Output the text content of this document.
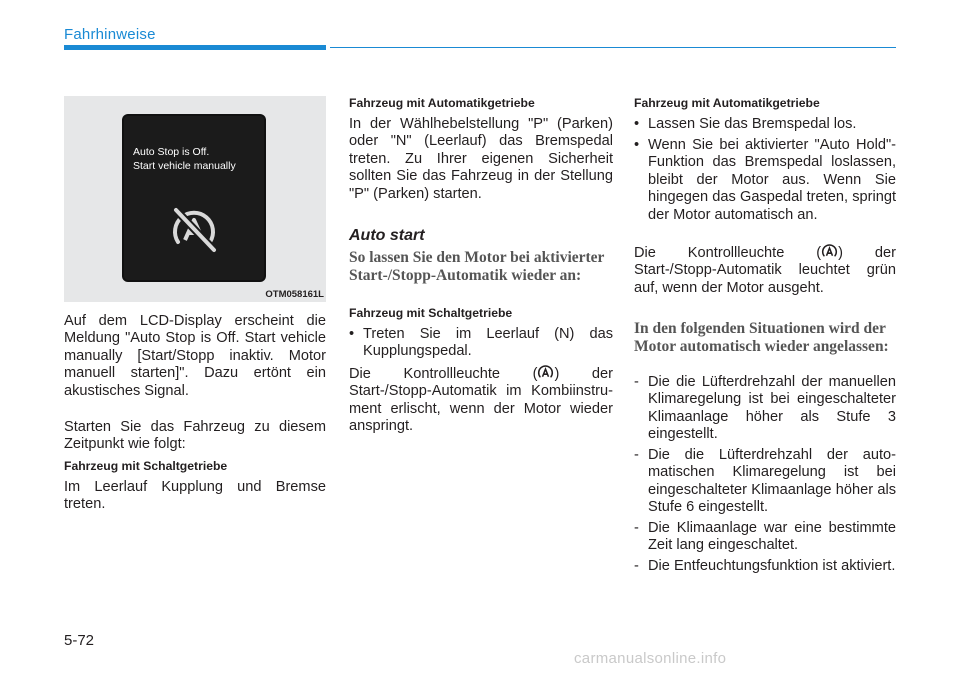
Fahrhinweise
Auto Stop is Off.
Start vehicle manually
OTM058161L
Auf dem LCD-Display erscheint die Meldung "Auto Stop is Off. Start vehicle manually [Start/Stopp inaktiv. Motor manuell starten]". Dazu ertönt ein akustisches Signal.
Starten Sie das Fahrzeug zu diesem Zeitpunkt wie folgt:
Fahrzeug mit Schaltgetriebe
Im Leerlauf Kupplung und Bremse treten.
Fahrzeug mit Automatikgetriebe
In der Wählhebelstellung "P" (Parken) oder "N" (Leerlauf) das Bremspedal treten. Zu Ihrer eigenen Sicherheit sollten Sie das Fahrzeug in der Stellung "P" (Parken) starten.
Auto start
So lassen Sie den Motor bei aktivierter Start-/Stopp-Automatik wieder an:
Fahrzeug mit Schaltgetriebe
• Treten Sie im Leerlauf (N) das Kupplungspedal.
Die Kontrollleuchte ( ) der Start-/Stopp-Automatik im Kombiinstru-ment erlischt, wenn der Motor wieder anspringt.
Fahrzeug mit Automatikgetriebe
• Lassen Sie das Bremspedal los.
• Wenn Sie bei aktivierter "Auto Hold"-Funktion das Bremspedal loslassen, bleibt der Motor aus. Wenn Sie hingegen das Gaspedal treten, springt der Motor automatisch an.
Die Kontrollleuchte ( ) der Start-/Stopp-Automatik leuchtet grün auf, wenn der Motor ausgeht.
In den folgenden Situationen wird der Motor automatisch wieder angelassen:
- Die die Lüfterdrehzahl der manuellen Klimaregelung ist bei eingeschalteter Klimaanlage höher als Stufe 3 eingestellt.
- Die die Lüfterdrehzahl der auto-matischen Klimaregelung ist bei eingeschalteter Klimaanlage höher als Stufe 6 eingestellt.
- Die Klimaanlage war eine bestimmte Zeit lang eingeschaltet.
- Die Entfeuchtungsfunktion ist aktiviert.
5-72
carmanualsonline.info
